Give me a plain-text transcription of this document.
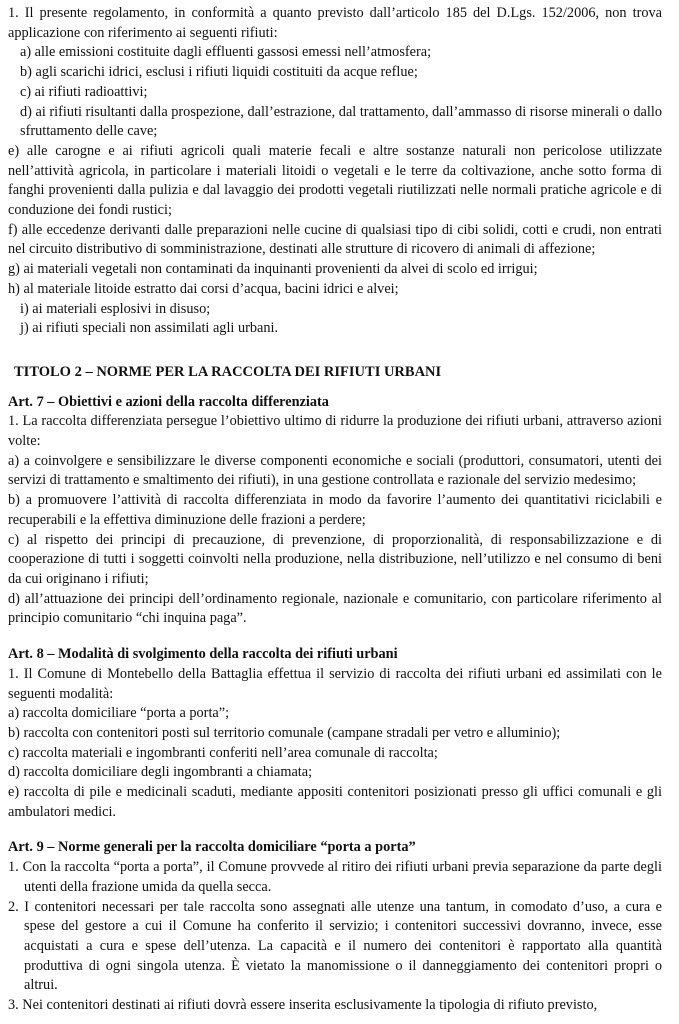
1. Il presente regolamento, in conformità a quanto previsto dall’articolo 185 del D.Lgs. 152/2006, non trova applicazione con riferimento ai seguenti rifiuti:

a) alle emissioni costituite dagli effluenti gassosi emessi nell’atmosfera;

b) agli scarichi idrici, esclusi i rifiuti liquidi costituiti da acque reflue;

c) ai rifiuti radioattivi;

d) ai rifiuti risultanti dalla prospezione, dall’estrazione, dal trattamento, dall’ammasso di risorse minerali o dallo sfruttamento delle cave;

e) alle carogne e ai rifiuti agricoli quali materie fecali e altre sostanze naturali non pericolose utilizzate nell’attività agricola, in particolare i materiali litoidi o vegetali e le terre da coltivazione, anche sotto forma di fanghi provenienti dalla pulizia e dal lavaggio dei prodotti vegetali riutilizzati nelle normali pratiche agricole e di conduzione dei fondi rustici;

f) alle eccedenze derivanti dalle preparazioni nelle cucine di qualsiasi tipo di cibi solidi, cotti e crudi, non entrati nel circuito distributivo di somministrazione, destinati alle strutture di ricovero di animali di affezione;

g) ai materiali vegetali non contaminati da inquinanti provenienti da alvei di scolo ed irrigui;

h) al materiale litoide estratto dai corsi d’acqua, bacini idrici e alvei;

i) ai materiali esplosivi in disuso;

j) ai rifiuti speciali non assimilati agli urbani.

TITOLO 2 – NORME PER LA RACCOLTA DEI RIFIUTI URBANI

Art. 7 – Obiettivi e azioni della raccolta differenziata

1. La raccolta differenziata persegue l’obiettivo ultimo di ridurre la produzione dei rifiuti urbani, attraverso azioni volte:

a) a coinvolgere e sensibilizzare le diverse componenti economiche e sociali (produttori, consumatori, utenti dei servizi di trattamento e smaltimento dei rifiuti), in una gestione controllata e razionale del servizio medesimo;

b) a promuovere l’attività di raccolta differenziata in modo da favorire l’aumento dei quantitativi riciclabili e recuperabili e la effettiva diminuzione delle frazioni a perdere;

c) al rispetto dei principi di precauzione, di prevenzione, di proporzionalità, di responsabilizzazione e di cooperazione di tutti i soggetti coinvolti nella produzione, nella distribuzione, nell’utilizzo e nel consumo di beni da cui originano i rifiuti;

d) all’attuazione dei principi dell’ordinamento regionale, nazionale e comunitario, con particolare riferimento al principio comunitario “chi inquina paga”.

Art. 8 – Modalità di svolgimento della raccolta dei rifiuti urbani

1. Il Comune di Montebello della Battaglia effettua il servizio di raccolta dei rifiuti urbani ed assimilati con le seguenti modalità:

a) raccolta domiciliare “porta a porta”;

b) raccolta con contenitori posti sul territorio comunale (campane stradali per vetro e alluminio);

c) raccolta materiali e ingombranti conferiti nell’area comunale di raccolta;

d) raccolta domiciliare degli ingombranti a chiamata;

e) raccolta di pile e medicinali scaduti, mediante appositi contenitori posizionati presso gli uffici comunali e gli ambulatori medici.

Art. 9 – Norme generali per la raccolta domiciliare “porta a porta”

1. Con la raccolta “porta a porta”, il Comune provvede al ritiro dei rifiuti urbani previa separazione da parte degli utenti della frazione umida da quella secca.

2. I contenitori necessari per tale raccolta sono assegnati alle utenze una tantum, in comodato d’uso, a cura e spese del gestore a cui il Comune ha conferito il servizio; i contenitori successivi dovranno, invece, esse acquistati a cura e spese dell’utenza. La capacità e il numero dei contenitori è rapportato alla quantità produttiva di ogni singola utenza. È vietato la manomissione o il danneggiamento dei contenitori propri o altrui.

3. Nei contenitori destinati ai rifiuti dovrà essere inserita esclusivamente la tipologia di rifiuto previsto,
